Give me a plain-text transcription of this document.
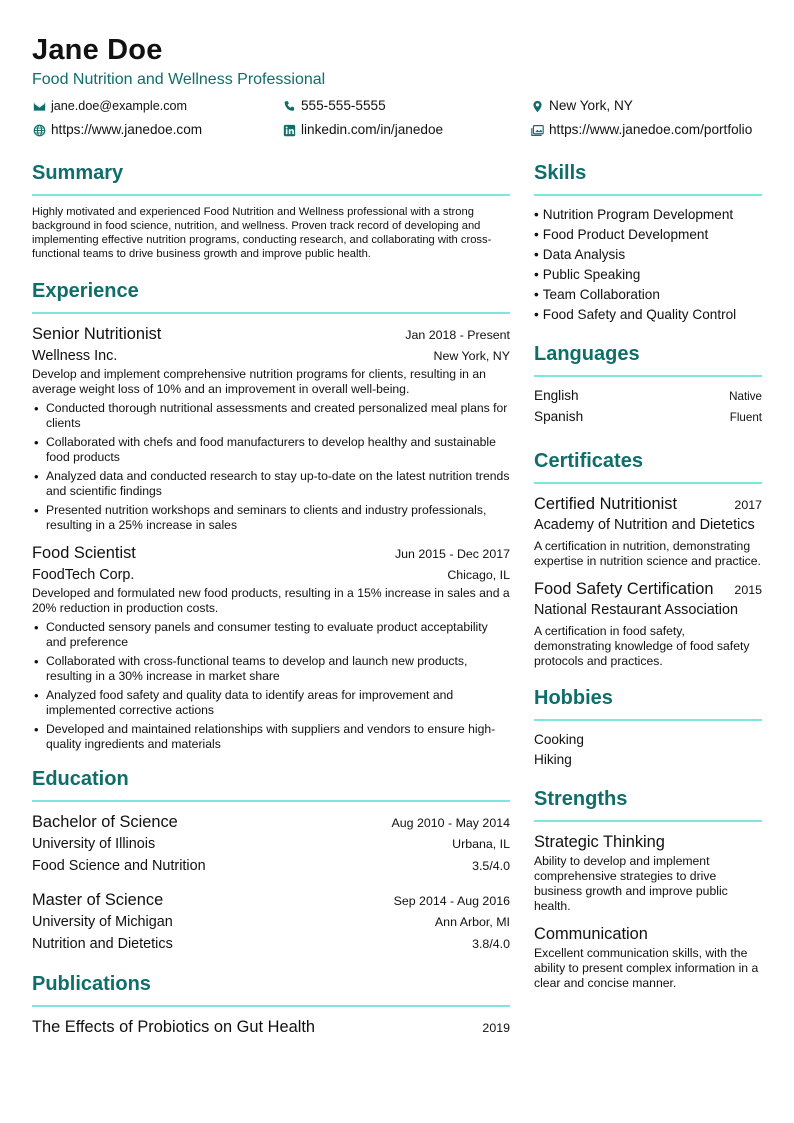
Jane Doe
Food Nutrition and Wellness Professional
jane.doe@example.com	555-555-5555	New York, NY
https://www.janedoe.com	linkedin.com/in/janedoe	https://www.janedoe.com/portfolio
Summary
Highly motivated and experienced Food Nutrition and Wellness professional with a strong background in food science, nutrition, and wellness. Proven track record of developing and implementing effective nutrition programs, conducting research, and collaborating with cross-functional teams to drive business growth and improve public health.
Experience
Senior Nutritionist	Jan 2018 - Present
Wellness Inc.	New York, NY
Develop and implement comprehensive nutrition programs for clients, resulting in an average weight loss of 10% and an improvement in overall well-being.
• Conducted thorough nutritional assessments and created personalized meal plans for clients
• Collaborated with chefs and food manufacturers to develop healthy and sustainable food products
• Analyzed data and conducted research to stay up-to-date on the latest nutrition trends and scientific findings
• Presented nutrition workshops and seminars to clients and industry professionals, resulting in a 25% increase in sales
Food Scientist	Jun 2015 - Dec 2017
FoodTech Corp.	Chicago, IL
Developed and formulated new food products, resulting in a 15% increase in sales and a 20% reduction in production costs.
• Conducted sensory panels and consumer testing to evaluate product acceptability and preference
• Collaborated with cross-functional teams to develop and launch new products, resulting in a 30% increase in market share
• Analyzed food safety and quality data to identify areas for improvement and implemented corrective actions
• Developed and maintained relationships with suppliers and vendors to ensure high-quality ingredients and materials
Education
Bachelor of Science	Aug 2010 - May 2014
University of Illinois	Urbana, IL
Food Science and Nutrition	3.5/4.0
Master of Science	Sep 2014 - Aug 2016
University of Michigan	Ann Arbor, MI
Nutrition and Dietetics	3.8/4.0
Publications
The Effects of Probiotics on Gut Health	2019
Skills
• Nutrition Program Development
• Food Product Development
• Data Analysis
• Public Speaking
• Team Collaboration
• Food Safety and Quality Control
Languages
English	Native
Spanish	Fluent
Certificates
Certified Nutritionist	2017
Academy of Nutrition and Dietetics
A certification in nutrition, demonstrating expertise in nutrition science and practice.
Food Safety Certification 2015
National Restaurant Association
A certification in food safety, demonstrating knowledge of food safety protocols and practices.
Hobbies
Cooking
Hiking
Strengths
Strategic Thinking
Ability to develop and implement comprehensive strategies to drive business growth and improve public health.
Communication
Excellent communication skills, with the ability to present complex information in a clear and concise manner.
